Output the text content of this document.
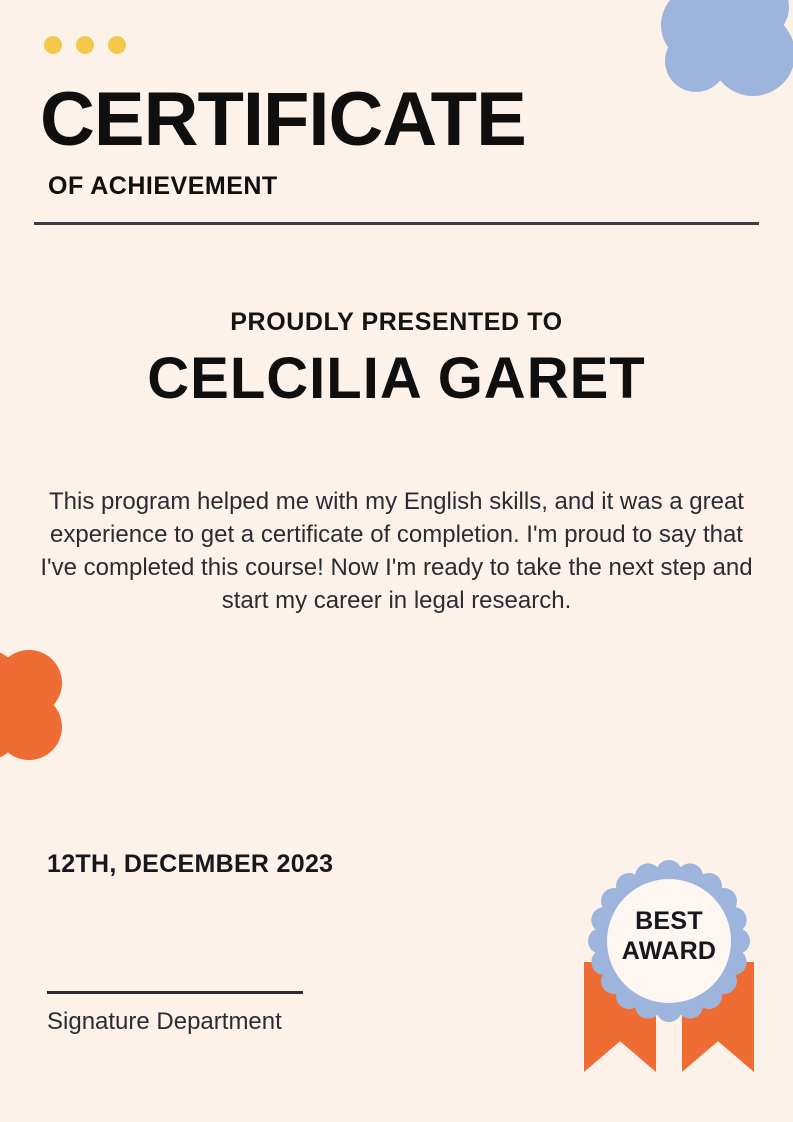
CERTIFICATE
OF ACHIEVEMENT
PROUDLY PRESENTED TO
CELCILIA GARET
This program helped me with my English skills, and it was a great experience to get a certificate of completion. I'm proud to say that I've completed this course! Now I'm ready to take the next step and start my career in legal research.
12TH, DECEMBER 2023
Signature Department
BEST
AWARD
